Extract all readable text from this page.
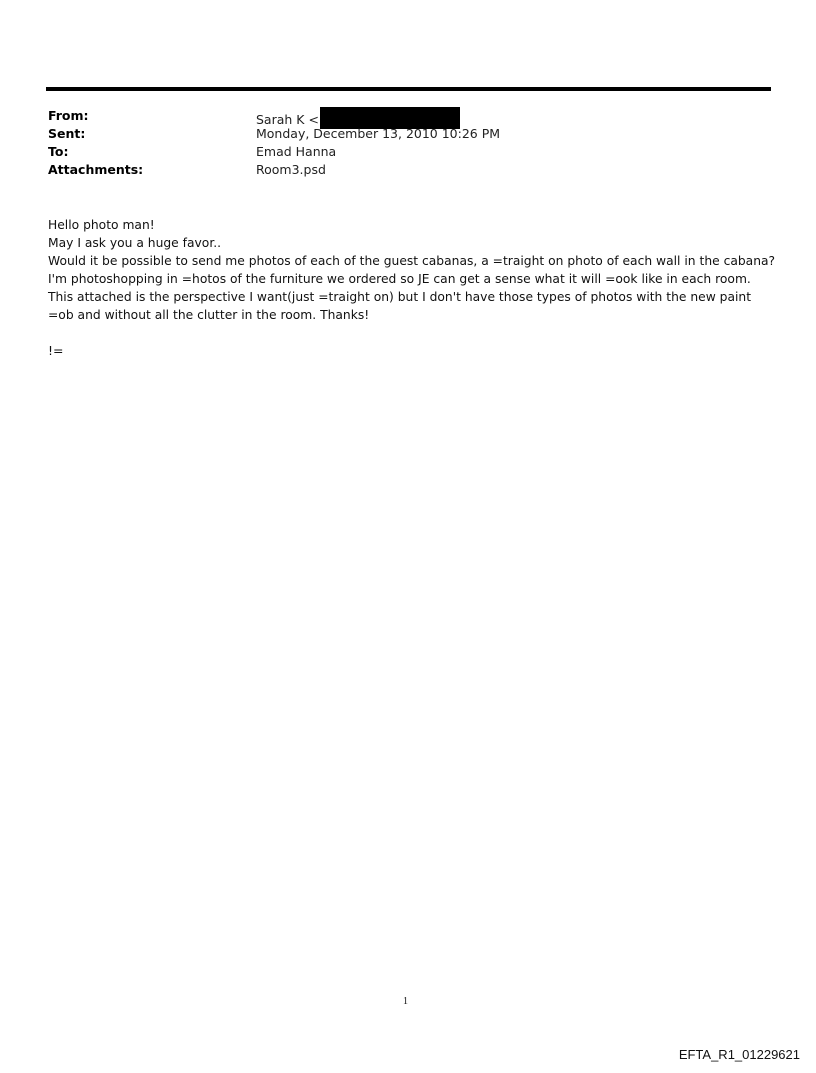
From:	Sarah K <
Sent:	Monday, December 13, 2010 10:26 PM
To:	Emad Hanna
Attachments:	Room3.psd

Hello photo man!

May I ask you a huge favor..

Would it be possible to send me photos of each of the guest cabanas, a =traight on photo of each wall in the cabana? I'm photoshopping in =hotos of the furniture we ordered so JE can get a sense what it will =ook like in each room. This attached is the perspective I want(just =traight on) but I don't have those types of photos with the new paint =ob and without all the clutter in the room. Thanks!

!=
1
EFTA_R1_01229621
